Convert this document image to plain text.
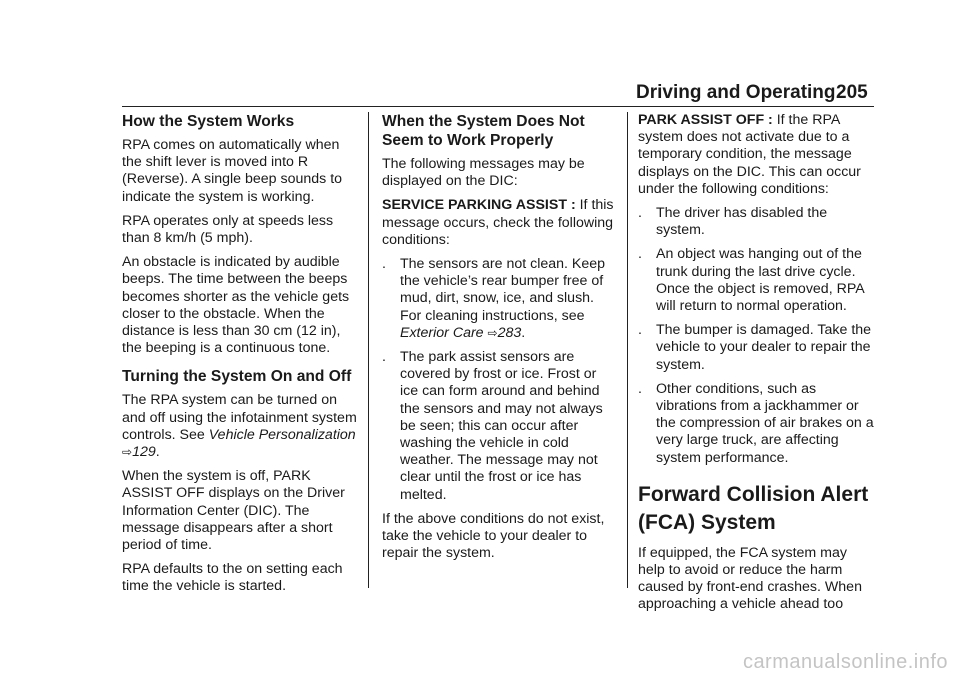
Driving and Operating 205
How the System Works

RPA comes on automatically when the shift lever is moved into R (Reverse). A single beep sounds to indicate the system is working.

RPA operates only at speeds less than 8 km/h (5 mph).

An obstacle is indicated by audible beeps. The time between the beeps becomes shorter as the vehicle gets closer to the obstacle. When the distance is less than 30 cm (12 in), the beeping is a continuous tone.

Turning the System On and Off

The RPA system can be turned on and off using the infotainment system controls. See Vehicle Personalization ⇨129.

When the system is off, PARK ASSIST OFF displays on the Driver Information Center (DIC). The message disappears after a short period of time.

RPA defaults to the on setting each time the vehicle is started.

When the System Does Not Seem to Work Properly

The following messages may be displayed on the DIC:

SERVICE PARKING ASSIST : If this message occurs, check the following conditions:

. The sensors are not clean. Keep the vehicle’s rear bumper free of mud, dirt, snow, ice, and slush. For cleaning instructions, see Exterior Care ⇨283.
. The park assist sensors are covered by frost or ice. Frost or ice can form around and behind the sensors and may not always be seen; this can occur after washing the vehicle in cold weather. The message may not clear until the frost or ice has melted.

If the above conditions do not exist, take the vehicle to your dealer to repair the system.

PARK ASSIST OFF : If the RPA system does not activate due to a temporary condition, the message displays on the DIC. This can occur under the following conditions:

. The driver has disabled the system.
. An object was hanging out of the trunk during the last drive cycle. Once the object is removed, RPA will return to normal operation.
. The bumper is damaged. Take the vehicle to your dealer to repair the system.
. Other conditions, such as vibrations from a jackhammer or the compression of air brakes on a very large truck, are affecting system performance.
Forward Collision Alert (FCA) System

If equipped, the FCA system may help to avoid or reduce the harm caused by front-end crashes. When approaching a vehicle ahead too

carmanualsonline.info
